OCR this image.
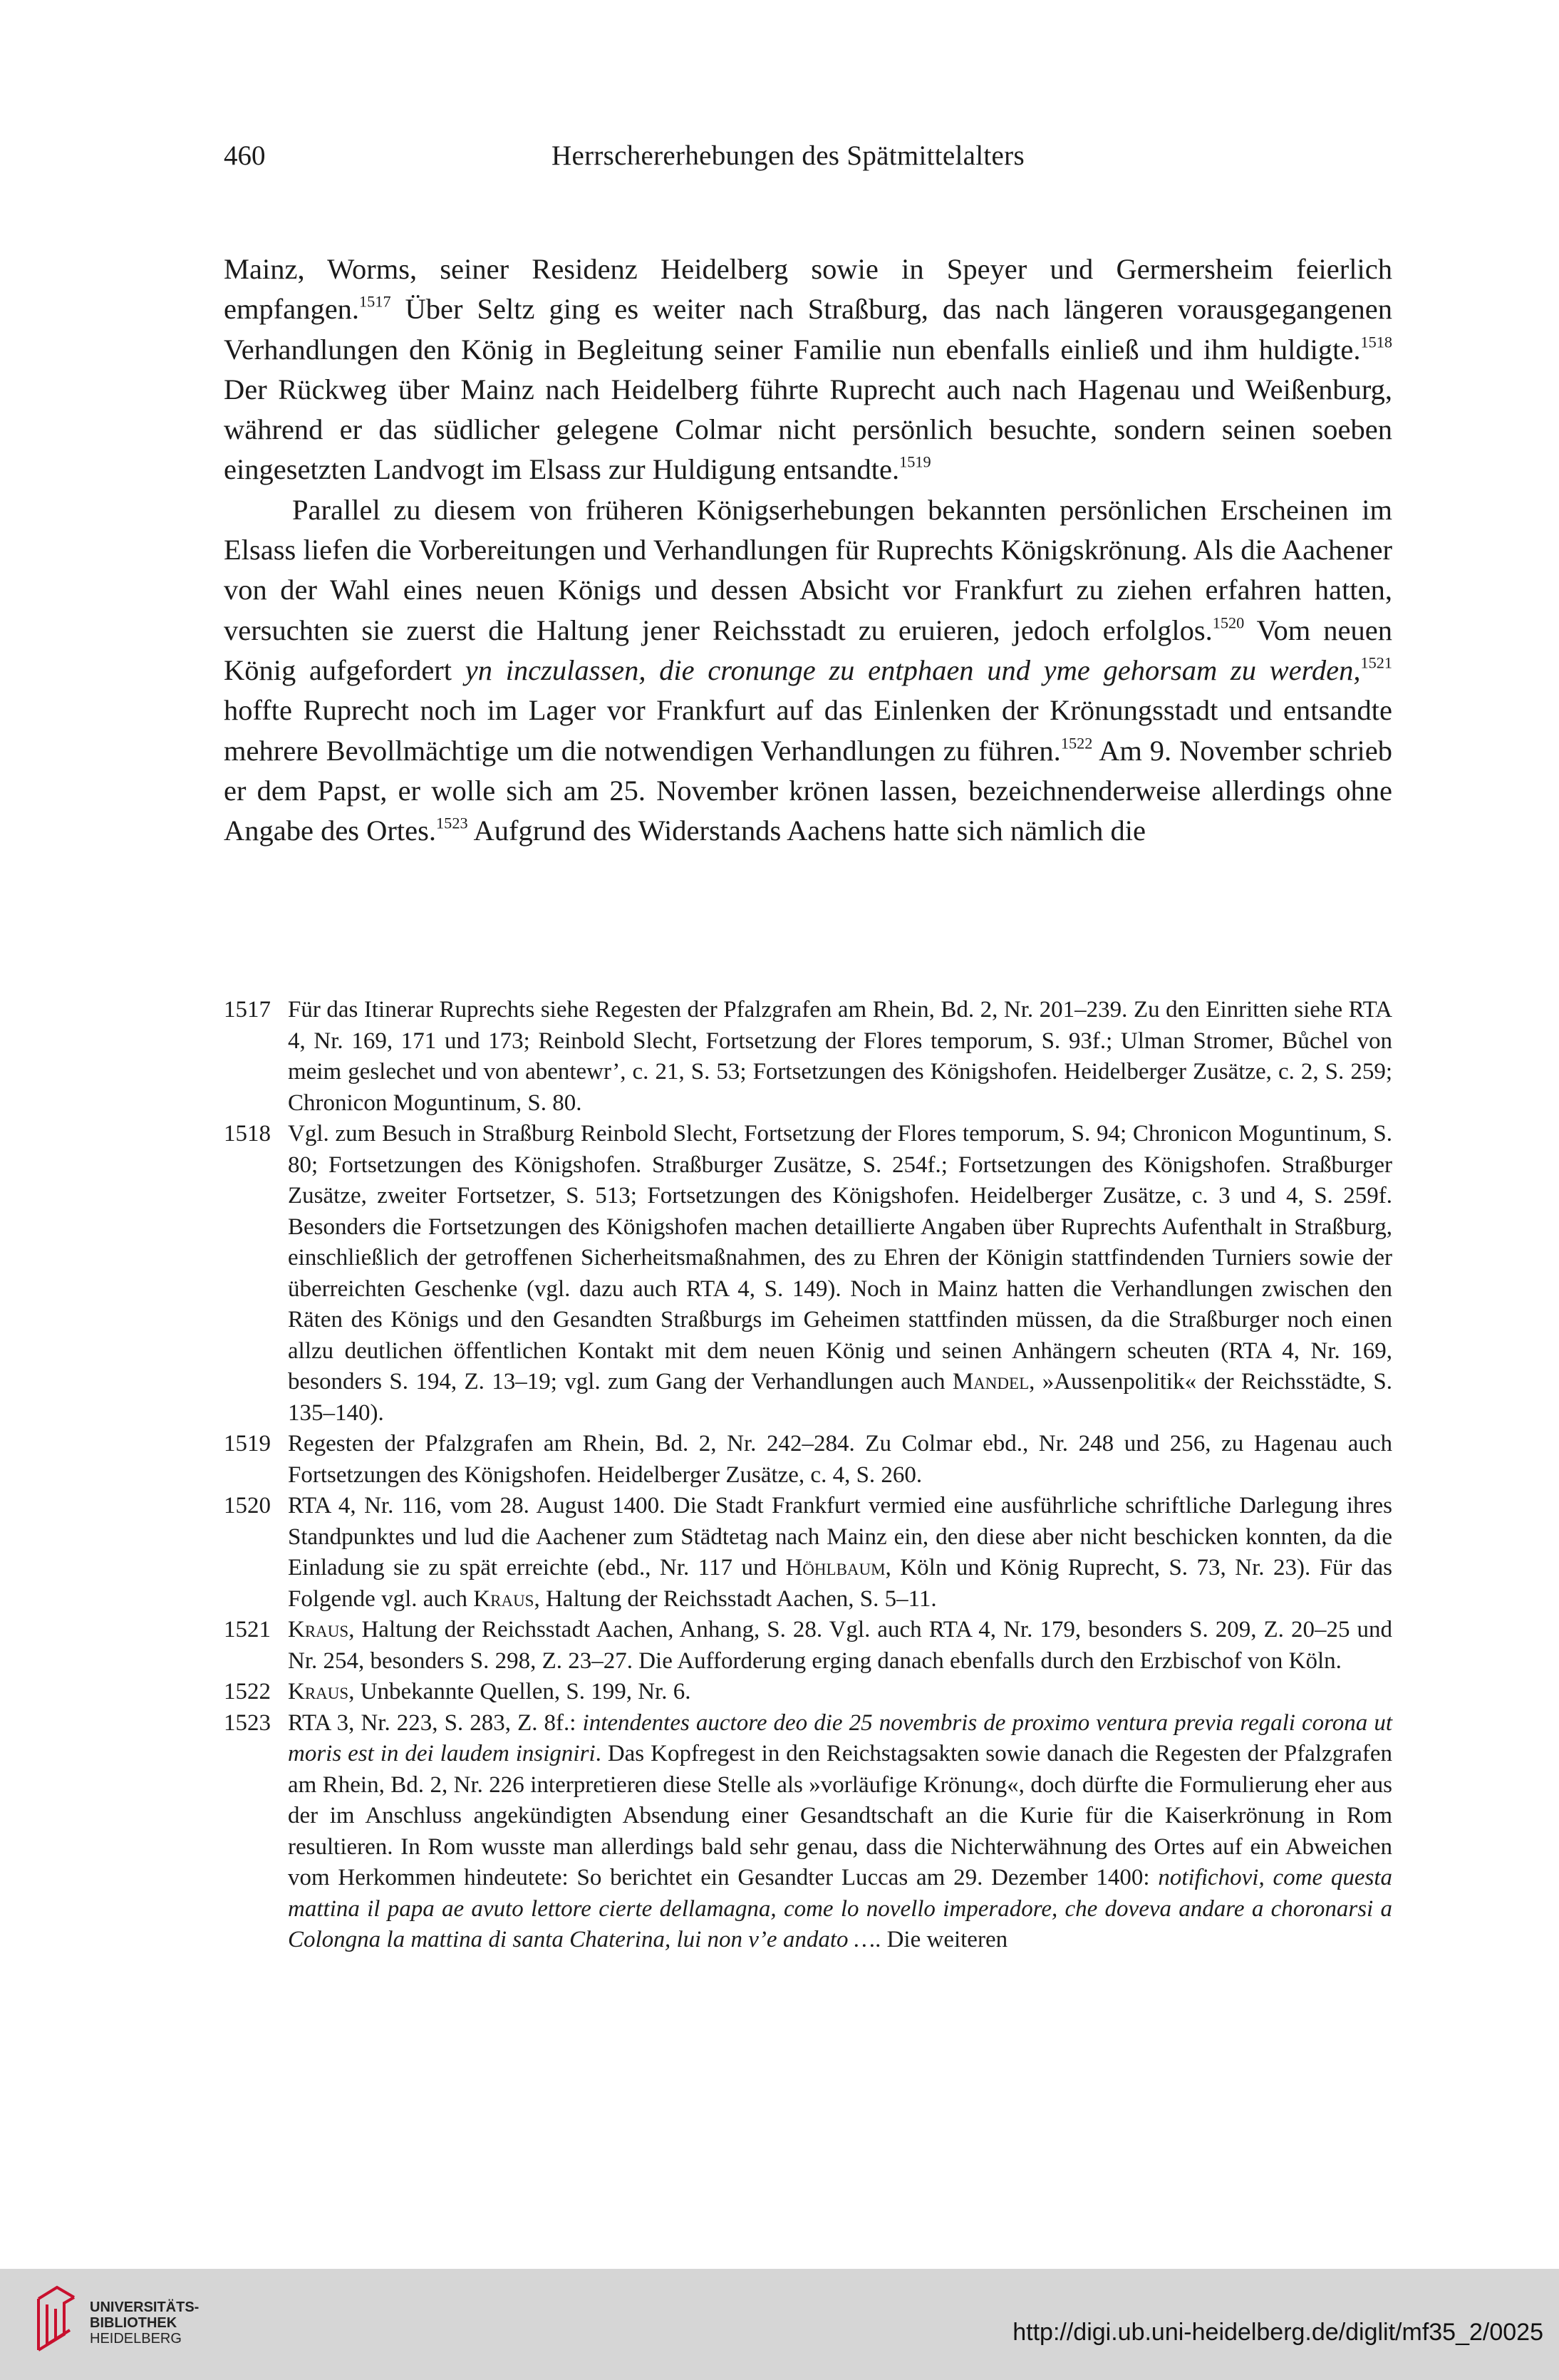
460	Herrschererhebungen des Spätmittelalters

Mainz, Worms, seiner Residenz Heidelberg sowie in Speyer und Germersheim feierlich empfangen.$^{1517}$ Über Seltz ging es weiter nach Straßburg, das nach längeren vorausgegangenen Verhandlungen den König in Begleitung seiner Familie nun ebenfalls einließ und ihm huldigte.$^{1518}$ Der Rückweg über Mainz nach Heidelberg führte Ruprecht auch nach Hagenau und Weißenburg, während er das südlicher gelegene Colmar nicht persönlich besuchte, sondern seinen soeben eingesetzten Landvogt im Elsass zur Huldigung entsandte.$^{1519}$

Parallel zu diesem von früheren Königserhebungen bekannten persönlichen Erscheinen im Elsass liefen die Vorbereitungen und Verhandlungen für Ruprechts Königskrönung. Als die Aachener von der Wahl eines neuen Königs und dessen Absicht vor Frankfurt zu ziehen erfahren hatten, versuchten sie zuerst die Haltung jener Reichsstadt zu eruieren, jedoch erfolglos.$^{1520}$ Vom neuen König aufgefordert yn inczulassen, die cronunge zu entphaen und yme gehorsam zu werden,$^{1521}$ hoffte Ruprecht noch im Lager vor Frankfurt auf das Einlenken der Krönungsstadt und entsandte mehrere Bevollmächtige um die notwendigen Verhandlungen zu führen.$^{1522}$ Am 9. November schrieb er dem Papst, er wolle sich am 25. November krönen lassen, bezeichnenderweise allerdings ohne Angabe des Ortes.$^{1523}$ Aufgrund des Widerstands Aachens hatte sich nämlich die

1517 Für das Itinerar Ruprechts siehe Regesten der Pfalzgrafen am Rhein, Bd. 2, Nr. 201–239. Zu den Einritten siehe RTA 4, Nr. 169, 171 und 173; Reinbold Slecht, Fortsetzung der Flores temporum, S. 93f.; Ulman Stromer, Bůchel von meim geslechet und von abentewr’, c. 21, S. 53; Fortsetzungen des Königshofen. Heidelberger Zusätze, c. 2, S. 259; Chronicon Moguntinum, S. 80.

1518 Vgl. zum Besuch in Straßburg Reinbold Slecht, Fortsetzung der Flores temporum, S. 94; Chronicon Moguntinum, S. 80; Fortsetzungen des Königshofen. Straßburger Zusätze, S. 254f.; Fortsetzungen des Königshofen. Straßburger Zusätze, zweiter Fortsetzer, S. 513; Fortsetzungen des Königshofen. Heidelberger Zusätze, c. 3 und 4, S. 259f. Besonders die Fortsetzungen des Königshofen machen detaillierte Angaben über Ruprechts Aufenthalt in Straßburg, einschließlich der getroffenen Sicherheitsmaßnahmen, des zu Ehren der Königin stattfindenden Turniers sowie der überreichten Geschenke (vgl. dazu auch RTA 4, S. 149). Noch in Mainz hatten die Verhandlungen zwischen den Räten des Königs und den Gesandten Straßburgs im Geheimen stattfinden müssen, da die Straßburger noch einen allzu deutlichen öffentlichen Kontakt mit dem neuen König und seinen Anhängern scheuten (RTA 4, Nr. 169, besonders S. 194, Z. 13–19; vgl. zum Gang der Verhandlungen auch Mandel, »Aussenpolitik« der Reichsstädte, S. 135–140).

1519 Regesten der Pfalzgrafen am Rhein, Bd. 2, Nr. 242–284. Zu Colmar ebd., Nr. 248 und 256, zu Hagenau auch Fortsetzungen des Königshofen. Heidelberger Zusätze, c. 4, S. 260.

1520 RTA 4, Nr. 116, vom 28. August 1400. Die Stadt Frankfurt vermied eine ausführliche schriftliche Darlegung ihres Standpunktes und lud die Aachener zum Städtetag nach Mainz ein, den diese aber nicht beschicken konnten, da die Einladung sie zu spät erreichte (ebd., Nr. 117 und Höhlbaum, Köln und König Ruprecht, S. 73, Nr. 23). Für das Folgende vgl. auch Kraus, Haltung der Reichsstadt Aachen, S. 5–11.

1521 Kraus, Haltung der Reichsstadt Aachen, Anhang, S. 28. Vgl. auch RTA 4, Nr. 179, besonders S. 209, Z. 20–25 und Nr. 254, besonders S. 298, Z. 23–27. Die Aufforderung erging danach ebenfalls durch den Erzbischof von Köln.

1522 Kraus, Unbekannte Quellen, S. 199, Nr. 6.

1523 RTA 3, Nr. 223, S. 283, Z. 8f.: intendentes auctore deo die 25 novembris de proximo ventura previa regali corona ut moris est in dei laudem insigniri. Das Kopfregest in den Reichstagsakten sowie danach die Regesten der Pfalzgrafen am Rhein, Bd. 2, Nr. 226 interpretieren diese Stelle als »vorläufige Krönung«, doch dürfte die Formulierung eher aus der im Anschluss angekündigten Absendung einer Gesandtschaft an die Kurie für die Kaiserkrönung in Rom resultieren. In Rom wusste man allerdings bald sehr genau, dass die Nichterwähnung des Ortes auf ein Abweichen vom Herkommen hindeutete: So berichtet ein Gesandter Luccas am 29. Dezember 1400: notifichovi, come questa mattina il papa ae avuto lettore cierte dellamagna, come lo novello imperadore, che doveva andare a choronarsi a Colongna la mattina di santa Chaterina, lui non v’e andato …. Die weiteren

UNIVERSITÄTS-
BIBLIOTHEK
HEIDELBERG	http://digi.ub.uni-heidelberg.de/diglit/mf35_2/0025
